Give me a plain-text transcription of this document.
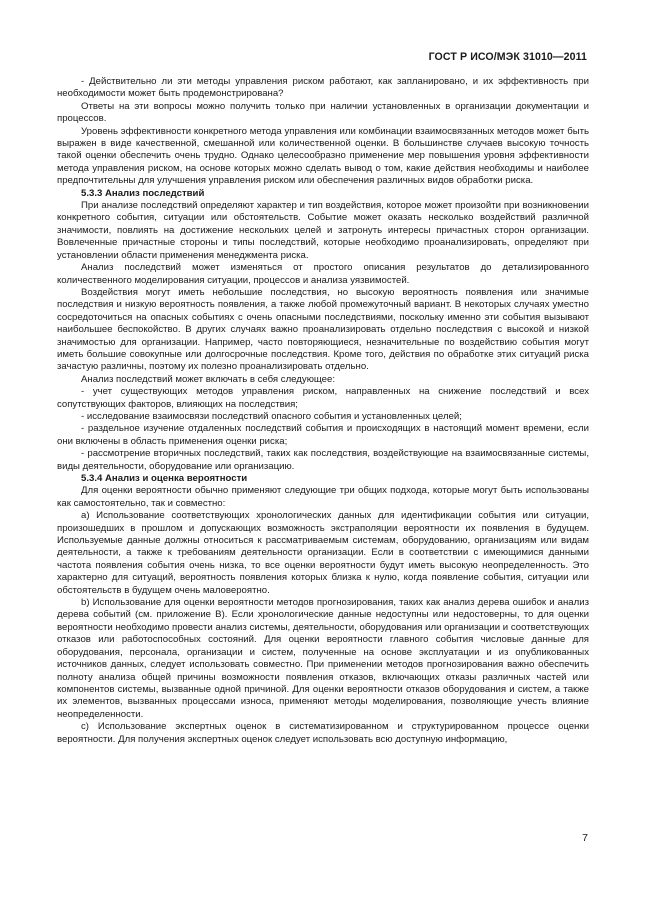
ГОСТ Р ИСО/МЭК 31010—2011

- Действительно ли эти методы управления риском работают, как запланировано, и их эффективность при необходимости может быть продемонстрирована?

Ответы на эти вопросы можно получить только при наличии установленных в организации документации и процессов.

Уровень эффективности конкретного метода управления или комбинации взаимосвязанных методов может быть выражен в виде качественной, смешанной или количественной оценки. В большинстве случаев высокую точность такой оценки обеспечить очень трудно. Однако целесообразно применение мер повышения уровня эффективности метода управления риском, на основе которых можно сделать вывод о том, какие действия необходимы и наиболее предпочтительны для улучшения управления риском или обеспечения различных видов обработки риска.

5.3.3 Анализ последствий

При анализе последствий определяют характер и тип воздействия, которое может произойти при возникновении конкретного события, ситуации или обстоятельств. Событие может оказать несколько воздействий различной значимости, повлиять на достижение нескольких целей и затронуть интересы причастных сторон организации. Вовлеченные причастные стороны и типы последствий, которые необходимо проанализировать, определяют при установлении области применения менеджмента риска.

Анализ последствий может изменяться от простого описания результатов до детализированного количественного моделирования ситуации, процессов и анализа уязвимостей.

Воздействия могут иметь небольшие последствия, но высокую вероятность появления или значимые последствия и низкую вероятность появления, а также любой промежуточный вариант. В некоторых случаях уместно сосредоточиться на опасных событиях с очень опасными последствиями, поскольку именно эти события вызывают наибольшее беспокойство. В других случаях важно проанализировать отдельно последствия с высокой и низкой значимостью для организации. Например, часто повторяющиеся, незначительные по воздействию события могут иметь большие совокупные или долгосрочные последствия. Кроме того, действия по обработке этих ситуаций риска зачастую различны, поэтому их полезно проанализировать отдельно.

Анализ последствий может включать в себя следующее:

- учет существующих методов управления риском, направленных на снижение последствий и всех сопутствующих факторов, влияющих на последствия;

- исследование взаимосвязи последствий опасного события и установленных целей;

- раздельное изучение отдаленных последствий события и происходящих в настоящий момент времени, если они включены в область применения оценки риска;

- рассмотрение вторичных последствий, таких как последствия, воздействующие на взаимосвязанные системы, виды деятельности, оборудование или организацию.

5.3.4 Анализ и оценка вероятности

Для оценки вероятности обычно применяют следующие три общих подхода, которые могут быть использованы как самостоятельно, так и совместно:

a) Использование соответствующих хронологических данных для идентификации события или ситуации, произошедших в прошлом и допускающих возможность экстраполяции вероятности их появления в будущем. Используемые данные должны относиться к рассматриваемым системам, оборудованию, организациям или видам деятельности, а также к требованиям деятельности организации. Если в соответствии с имеющимися данными частота появления события очень низка, то все оценки вероятности будут иметь высокую неопределенность. Это характерно для ситуаций, вероятность появления которых близка к нулю, когда появление события, ситуации или обстоятельств в будущем очень маловероятно.

b) Использование для оценки вероятности методов прогнозирования, таких как анализ дерева ошибок и анализ дерева событий (см. приложение В). Если хронологические данные недоступны или недостоверны, то для оценки вероятности необходимо провести анализ системы, деятельности, оборудования или организации и соответствующих отказов или работоспособных состояний. Для оценки вероятности главного события числовые данные для оборудования, персонала, организации и систем, полученные на основе эксплуатации и из опубликованных источников данных, следует использовать совместно. При применении методов прогнозирования важно обеспечить полноту анализа общей причины возможности появления отказов, включающих отказы различных частей или компонентов системы, вызванные одной причиной. Для оценки вероятности отказов оборудования и систем, а также их элементов, вызванных процессами износа, применяют методы моделирования, позволяющие учесть влияние неопределенности.

c) Использование экспертных оценок в систематизированном и структурированном процессе оценки вероятности. Для получения экспертных оценок следует использовать всю доступную информацию,

7
